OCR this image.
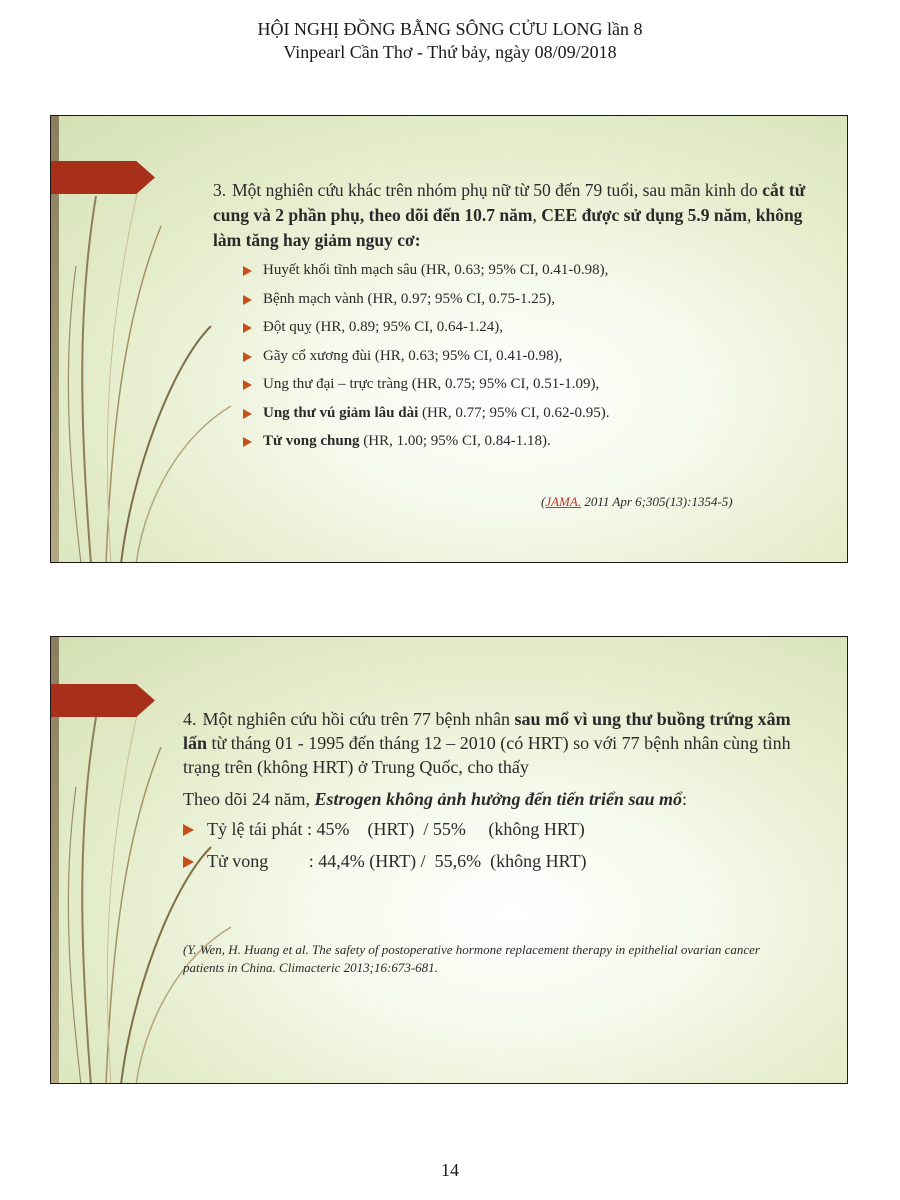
HỘI NGHỊ ĐỒNG BẰNG SÔNG CỬU LONG lần 8
Vinpearl Cần Thơ - Thứ bảy, ngày 08/09/2018

3. Một nghiên cứu khác trên nhóm phụ nữ từ 50 đến 79 tuổi, sau mãn kinh do cắt tử cung và 2 phần phụ, theo dõi đến 10.7 năm, CEE được sử dụng 5.9 năm, không làm tăng hay giảm nguy cơ:

Huyết khối tĩnh mạch sâu (HR, 0.63; 95% CI, 0.41-0.98),
Bệnh mạch vành (HR, 0.97; 95% CI, 0.75-1.25),
Đột quỵ (HR, 0.89; 95% CI, 0.64-1.24),
Gãy cổ xương đùi (HR, 0.63; 95% CI, 0.41-0.98),
Ung thư đại – trực tràng (HR, 0.75; 95% CI, 0.51-1.09),
Ung thư vú giảm lâu dài (HR, 0.77; 95% CI, 0.62-0.95).
Tử vong chung (HR, 1.00; 95% CI, 0.84-1.18).
(JAMA. 2011 Apr 6;305(13):1354-5)

4. Một nghiên cứu hồi cứu trên 77 bệnh nhân sau mổ vì ung thư buồng trứng xâm lấn từ tháng 01 - 1995 đến tháng 12 – 2010 (có HRT) so với 77 bệnh nhân cùng tình trạng trên (không HRT) ở Trung Quốc, cho thấy

Theo dõi 24 năm, Estrogen không ảnh hưởng đến tiến triển sau mổ:

Tỷ lệ tái phát : 45%    (HRT)  / 55%     (không HRT)
Tử vong         : 44,4% (HRT) /  55,6%  (không HRT)
(Y. Wen, H. Huang et al. The safety of postoperative hormone replacement therapy in epithelial ovarian cancer patients in China. Climacteric 2013;16:673-681.
14
